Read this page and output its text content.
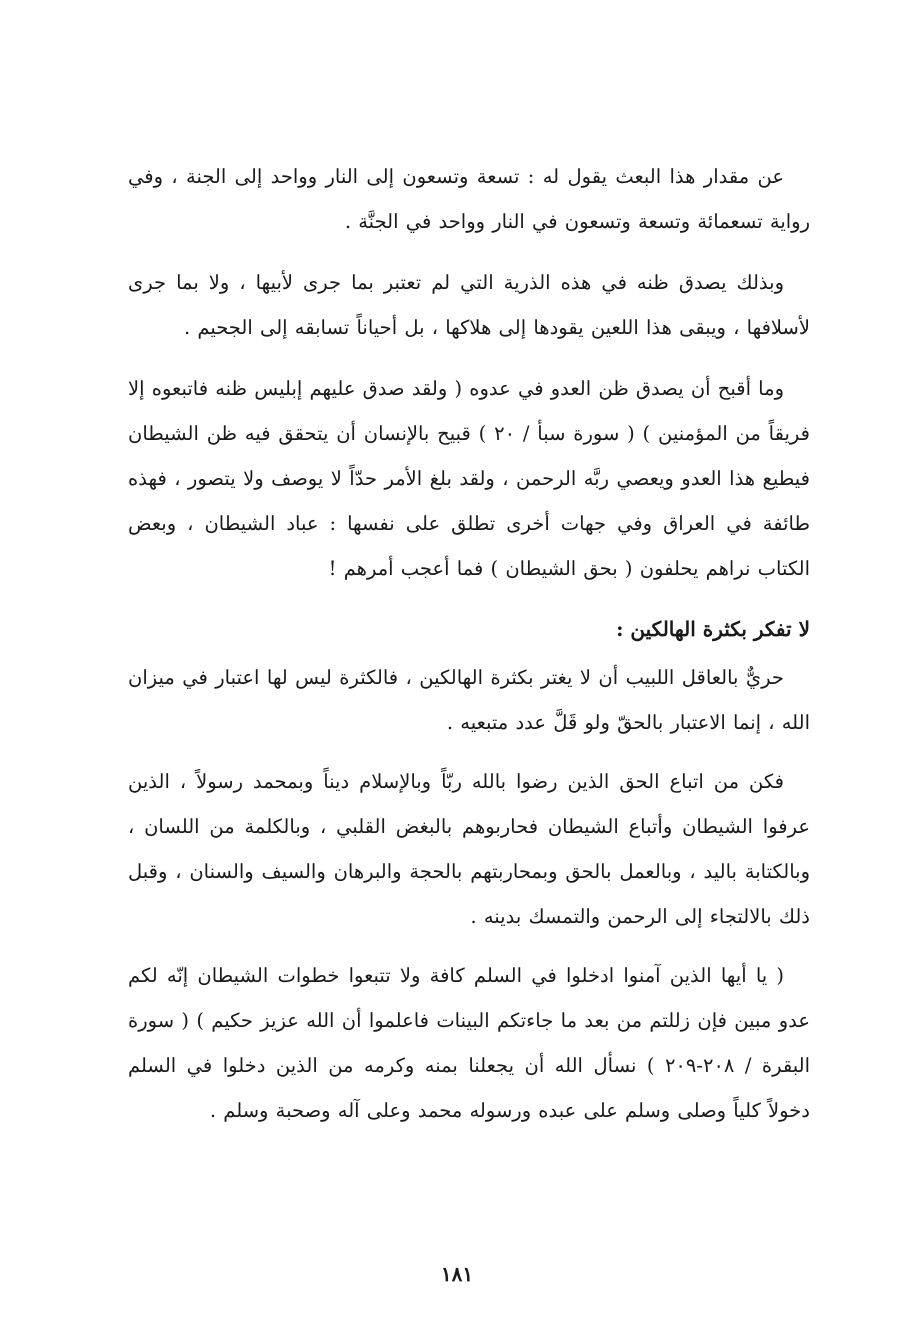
عن مقدار هذا البعث يقول له : تسعة وتسعون إلى النار وواحد إلى الجنة ، وفي رواية تسعمائة وتسعة وتسعون في النار وواحد في الجنَّة .

وبذلك يصدق ظنه في هذه الذرية التي لم تعتبر بما جرى لأبيها ، ولا بما جرى لأسلافها ، ويبقى هذا اللعين يقودها إلى هلاكها ، بل أحياناً تسابقه إلى الجحيم .

وما أقبح أن يصدق ظن العدو في عدوه ( ولقد صدق عليهم إبليس ظنه فاتبعوه إلا فريقاً من المؤمنين ) ( سورة سبأ / ٢٠ ) قبيح بالإنسان أن يتحقق فيه ظن الشيطان فيطيع هذا العدو ويعصي ربَّه الرحمن ، ولقد بلغ الأمر حدّاً لا يوصف ولا يتصور ، فهذه طائفة في العراق وفي جهات أخرى تطلق على نفسها : عباد الشيطان ، وبعض الكتاب نراهم يحلفون ( بحق الشيطان ) فما أعجب أمرهم !

لا تفكر بكثرة الهالكين :

حريٌّ بالعاقل اللبيب أن لا يغتر بكثرة الهالكين ، فالكثرة ليس لها اعتبار في ميزان الله ، إنما الاعتبار بالحقّ ولو قَلَّ عدد متبعيه .

فكن من اتباع الحق الذين رضوا بالله ربّاً وبالإسلام ديناً وبمحمد رسولاً ، الذين عرفوا الشيطان وأتباع الشيطان فحاربوهم بالبغض القلبي ، وبالكلمة من اللسان ، وبالكتابة باليد ، وبالعمل بالحق وبمحاربتهم بالحجة والبرهان والسيف والسنان ، وقبل ذلك بالالتجاء إلى الرحمن والتمسك بدينه .

( يا أيها الذين آمنوا ادخلوا في السلم كافة ولا تتبعوا خطوات الشيطان إنّه لكم عدو مبين فإن زللتم من بعد ما جاءتكم البينات فاعلموا أن الله عزيز حكيم ) ( سورة البقرة / ٢٠٨-٢٠٩ ) نسأل الله أن يجعلنا بمنه وكرمه من الذين دخلوا في السلم دخولاً كلياً وصلى وسلم على عبده ورسوله محمد وعلى آله وصحبة وسلم .

١٨١
